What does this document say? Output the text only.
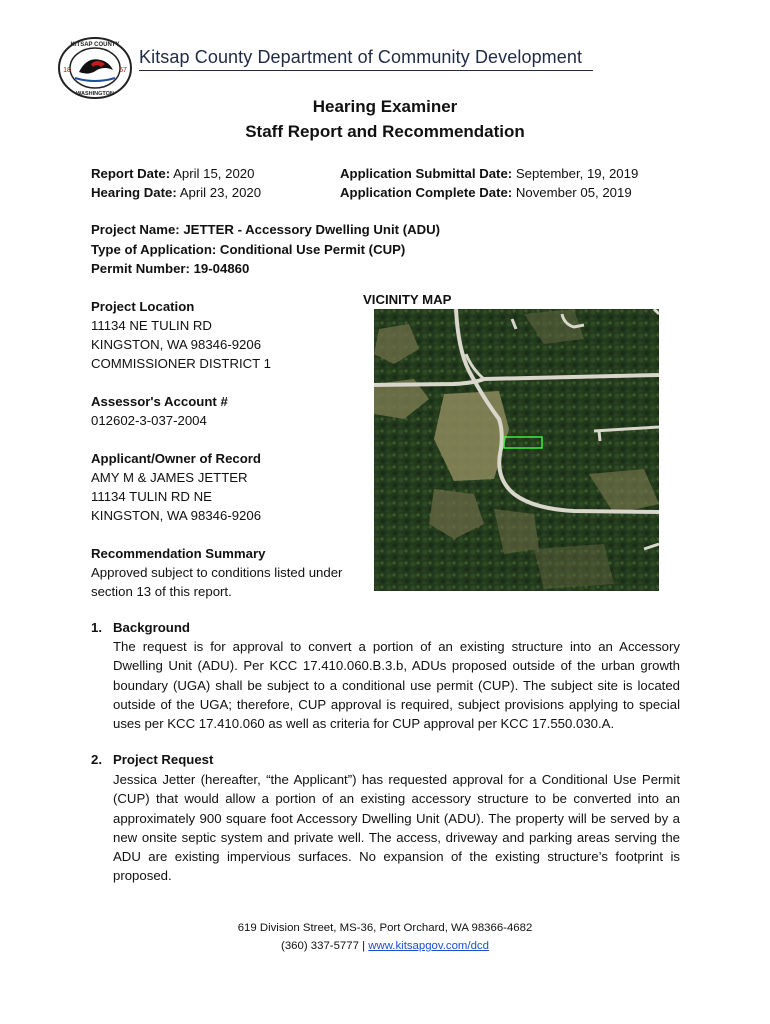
KITSAP COUNTY
WASHINGTON
18	57
Kitsap County Department of Community Development
Hearing Examiner
Staff Report and Recommendation
Report Date: April 15, 2020
Hearing Date: April 23, 2020
Application Submittal Date: September, 19, 2019
Application Complete Date: November 05, 2019
Project Name: JETTER - Accessory Dwelling Unit (ADU)
Type of Application: Conditional Use Permit (CUP)
Permit Number: 19-04860
Project Location
11134 NE TULIN RD
KINGSTON, WA 98346-9206
COMMISSIONER DISTRICT 1
Assessor's Account #
012602-3-037-2004
Applicant/Owner of Record
AMY M & JAMES JETTER
11134 TULIN RD NE
KINGSTON, WA 98346-9206
Recommendation Summary
Approved subject to conditions listed under
section 13 of this report.
VICINITY MAP
1. Background
The request is for approval to convert a portion of an existing structure into an Accessory Dwelling Unit (ADU). Per KCC 17.410.060.B.3.b, ADUs proposed outside of the urban growth boundary (UGA) shall be subject to a conditional use permit (CUP). The subject site is located outside of the UGA; therefore, CUP approval is required, subject provisions applying to special uses per KCC 17.410.060 as well as criteria for CUP approval per KCC 17.550.030.A.
2. Project Request
Jessica Jetter (hereafter, “the Applicant”) has requested approval for a Conditional Use Permit (CUP) that would allow a portion of an existing accessory structure to be converted into an approximately 900 square foot Accessory Dwelling Unit (ADU). The property will be served by a new onsite septic system and private well. The access, driveway and parking areas serving the ADU are existing impervious surfaces. No expansion of the existing structure’s footprint is proposed.
619 Division Street, MS-36, Port Orchard, WA 98366-4682
(360) 337-5777 | www.kitsapgov.com/dcd
